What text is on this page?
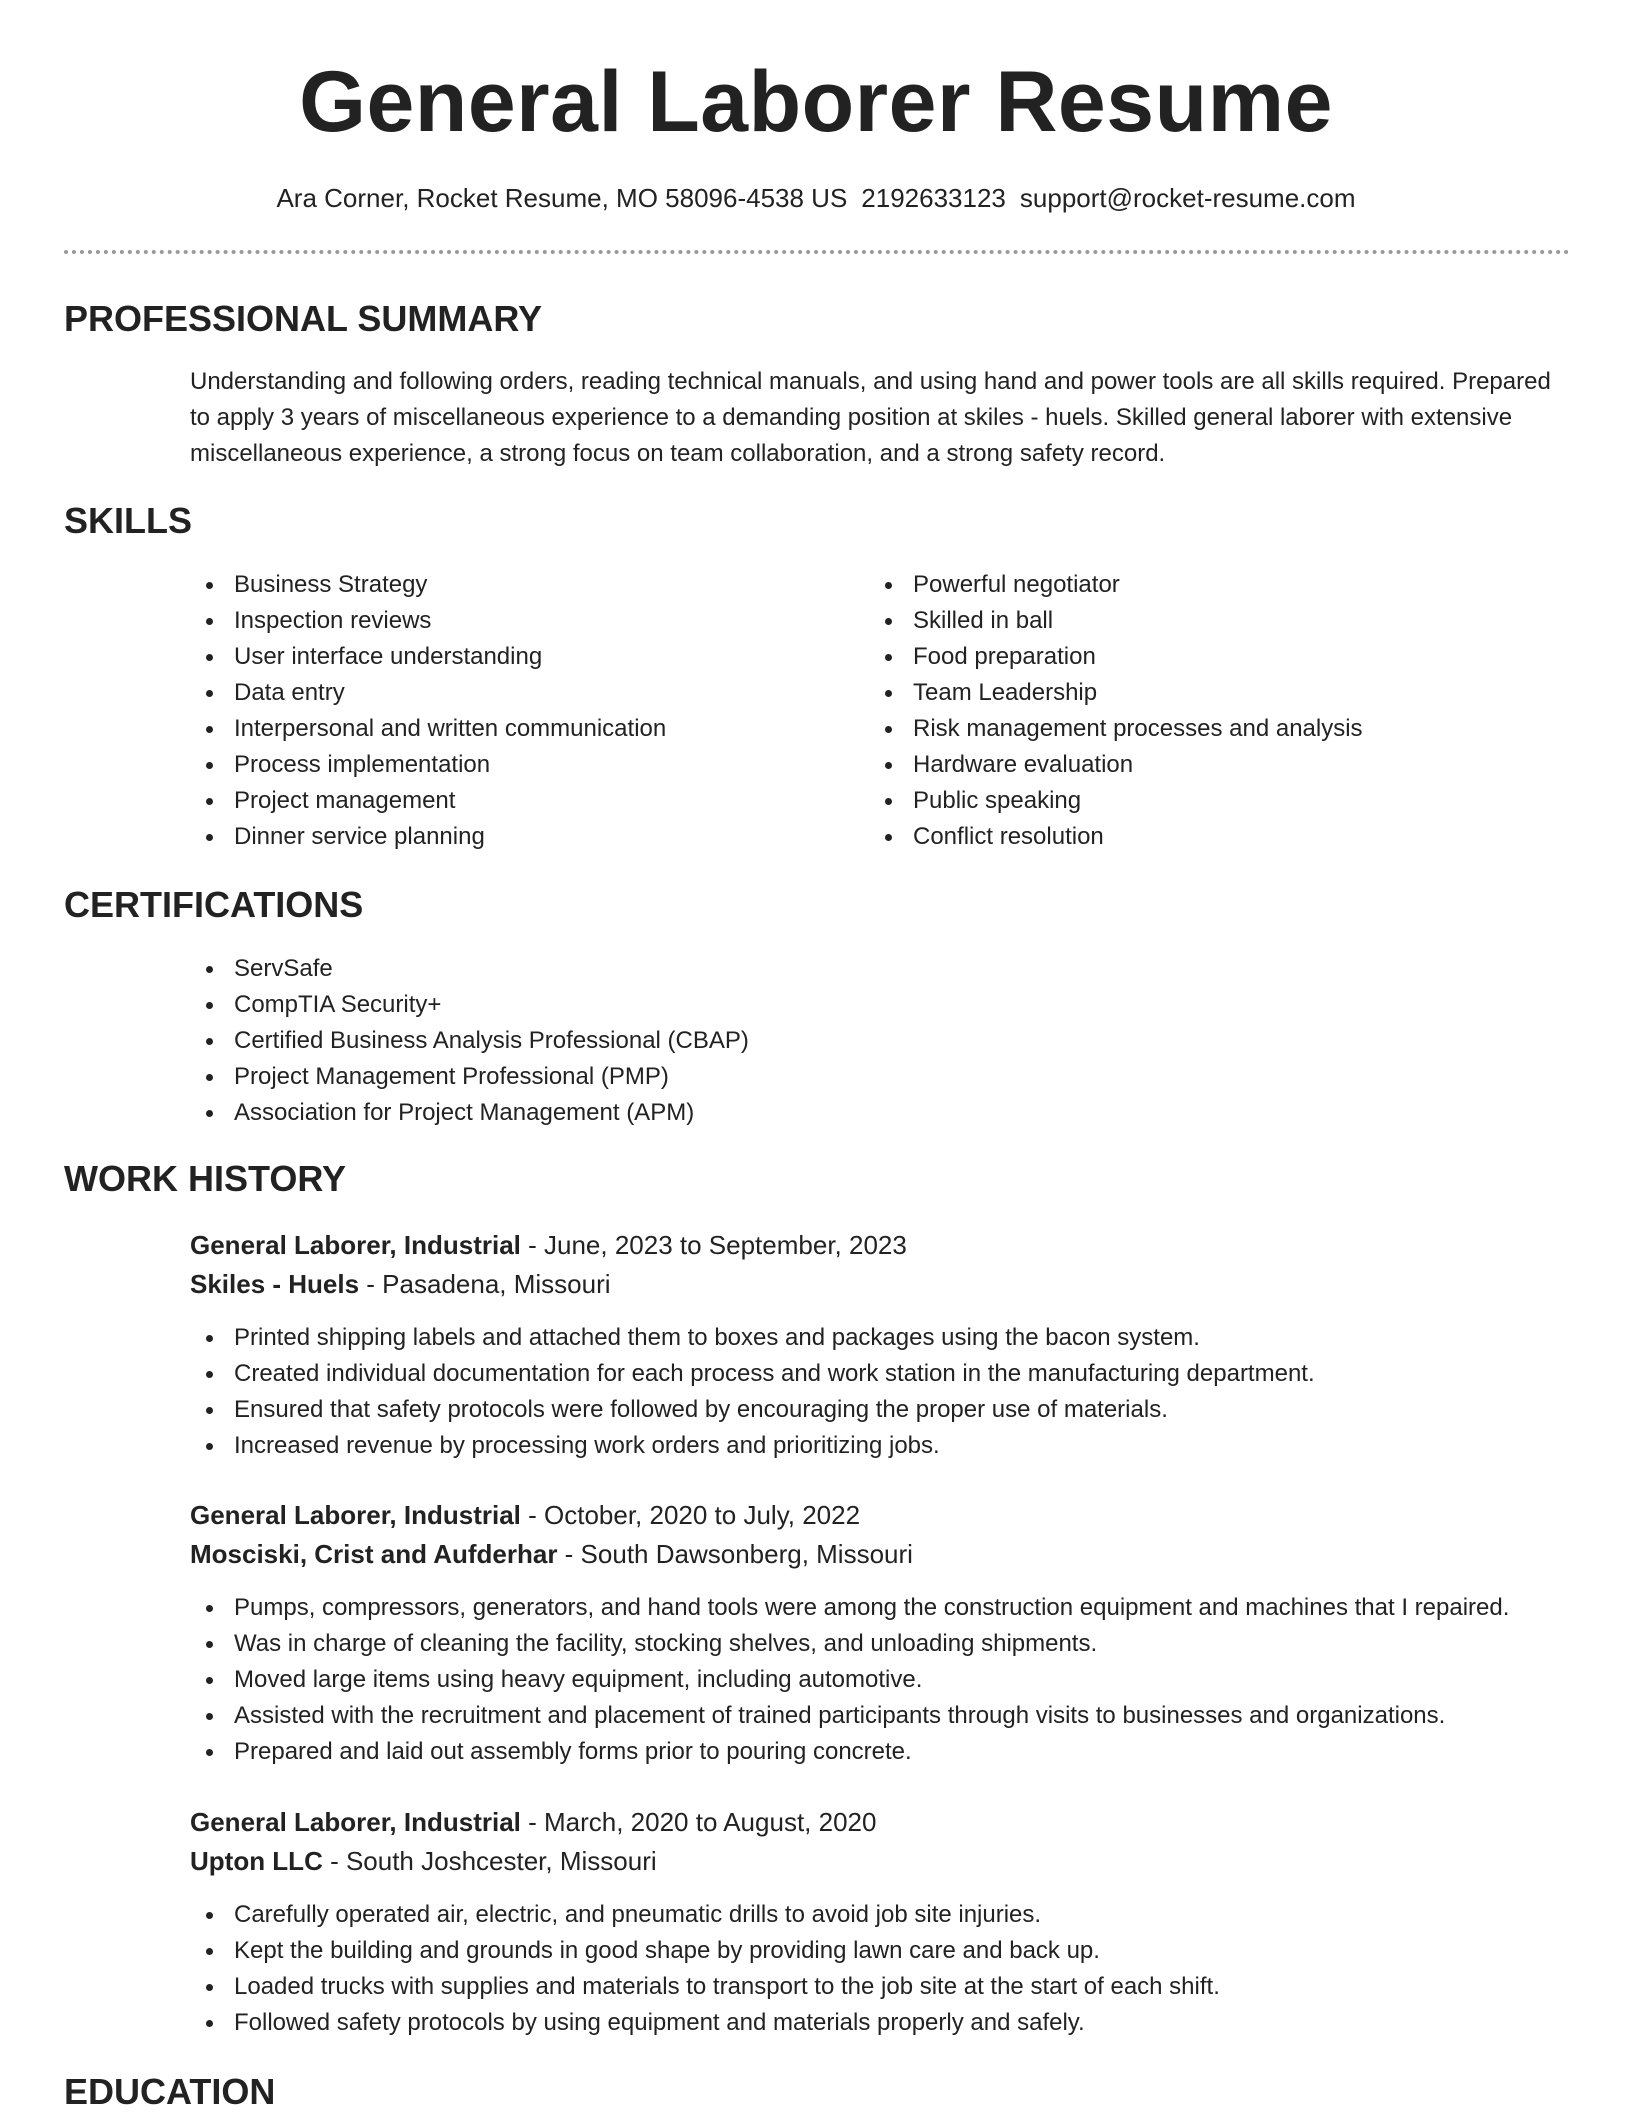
General Laborer Resume
Ara Corner, Rocket Resume, MO 58096-4538 US 2192633123 support@rocket-resume.com
PROFESSIONAL SUMMARY

Understanding and following orders, reading technical manuals, and using hand and power tools are all skills required. Prepared to apply 3 years of miscellaneous experience to a demanding position at skiles - huels. Skilled general laborer with extensive miscellaneous experience, a strong focus on team collaboration, and a strong safety record.

SKILLS
Business Strategy
Inspection reviews
User interface understanding
Data entry
Interpersonal and written communication
Process implementation
Project management
Dinner service planning
Powerful negotiator
Skilled in ball
Food preparation
Team Leadership
Risk management processes and analysis
Hardware evaluation
Public speaking
Conflict resolution
CERTIFICATIONS
ServSafe
CompTIA Security+
Certified Business Analysis Professional (CBAP)
Project Management Professional (PMP)
Association for Project Management (APM)
WORK HISTORY
General Laborer, Industrial - June, 2023 to September, 2023
Skiles - Huels - Pasadena, Missouri
Printed shipping labels and attached them to boxes and packages using the bacon system.
Created individual documentation for each process and work station in the manufacturing department.
Ensured that safety protocols were followed by encouraging the proper use of materials.
Increased revenue by processing work orders and prioritizing jobs.
General Laborer, Industrial - October, 2020 to July, 2022
Mosciski, Crist and Aufderhar - South Dawsonberg, Missouri
Pumps, compressors, generators, and hand tools were among the construction equipment and machines that I repaired.
Was in charge of cleaning the facility, stocking shelves, and unloading shipments.
Moved large items using heavy equipment, including automotive.
Assisted with the recruitment and placement of trained participants through visits to businesses and organizations.
Prepared and laid out assembly forms prior to pouring concrete.
General Laborer, Industrial - March, 2020 to August, 2020
Upton LLC - South Joshcester, Missouri
Carefully operated air, electric, and pneumatic drills to avoid job site injuries.
Kept the building and grounds in good shape by providing lawn care and back up.
Loaded trucks with supplies and materials to transport to the job site at the start of each shift.
Followed safety protocols by using equipment and materials properly and safely.
EDUCATION
